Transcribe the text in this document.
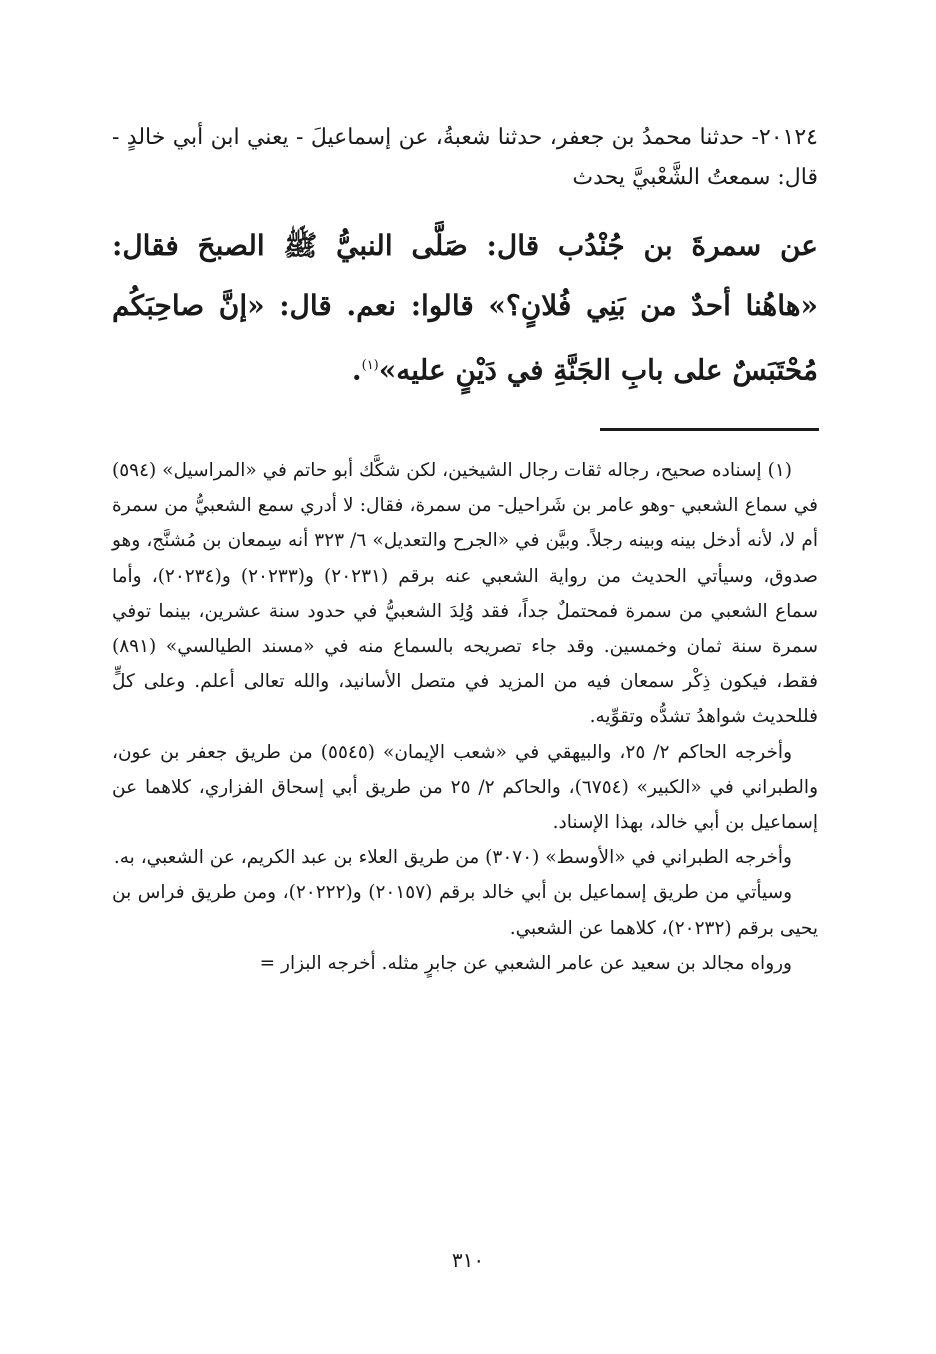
٢٠١٢٤- حدثنا محمدُ بن جعفر، حدثنا شعبةُ، عن إسماعيلَ - يعني ابن أبي خالدٍ - قال: سمعتُ الشَّعْبيَّ يحدث
عن سمرةَ بن جُنْدُب قال: صَلَّى النبيُّ ﷺ الصبحَ فقال: «هاهُنا أحدٌ من بَنِي فُلانٍ؟» قالوا: نعم. قال: «إنَّ صاحِبَكُم مُحْتَبَسٌ على بابِ الجَنَّةِ في دَيْنٍ عليه»$^{(١)}$.

(١) إسناده صحيح، رجاله ثقات رجال الشيخين، لكن شكَّك أبو حاتم في «المراسيل» (٥٩٤) في سماع الشعبي -وهو عامر بن شَراحيل- من سمرة، فقال: لا أدري سمع الشعبيُّ من سمرة أم لا، لأنه أدخل بينه وبينه رجلاً. وبيَّن في «الجرح والتعديل» ٦/ ٣٢٣ أنه سِمعان بن مُشنَّج، وهو صدوق، وسيأتي الحديث من رواية الشعبي عنه برقم (٢٠٢٣١) و(٢٠٢٣٣) و(٢٠٢٣٤)، وأما سماع الشعبي من سمرة فمحتملٌ جداً، فقد وُلِدَ الشعبيُّ في حدود سنة عشرين، بينما توفي سمرة سنة ثمان وخمسين. وقد جاء تصريحه بالسماع منه في «مسند الطيالسي» (٨٩١) فقط، فيكون ذِكْر سمعان فيه من المزيد في متصل الأسانيد، والله تعالى أعلم. وعلى كلٍّ فللحديث شواهدُ تشدُّه وتقوِّيه.

وأخرجه الحاكم ٢/ ٢٥، والبيهقي في «شعب الإيمان» (٥٥٤٥) من طريق جعفر بن عون، والطبراني في «الكبير» (٦٧٥٤)، والحاكم ٢/ ٢٥ من طريق أبي إسحاق الفزاري، كلاهما عن إسماعيل بن أبي خالد، بهذا الإسناد.

وأخرجه الطبراني في «الأوسط» (٣٠٧٠) من طريق العلاء بن عبد الكريم، عن الشعبي، به.

وسيأتي من طريق إسماعيل بن أبي خالد برقم (٢٠١٥٧) و(٢٠٢٢٢)، ومن طريق فراس بن يحيى برقم (٢٠٢٣٢)، كلاهما عن الشعبي.

ورواه مجالد بن سعيد عن عامر الشعبي عن جابرٍ مثله. أخرجه البزار =

٣١٠
